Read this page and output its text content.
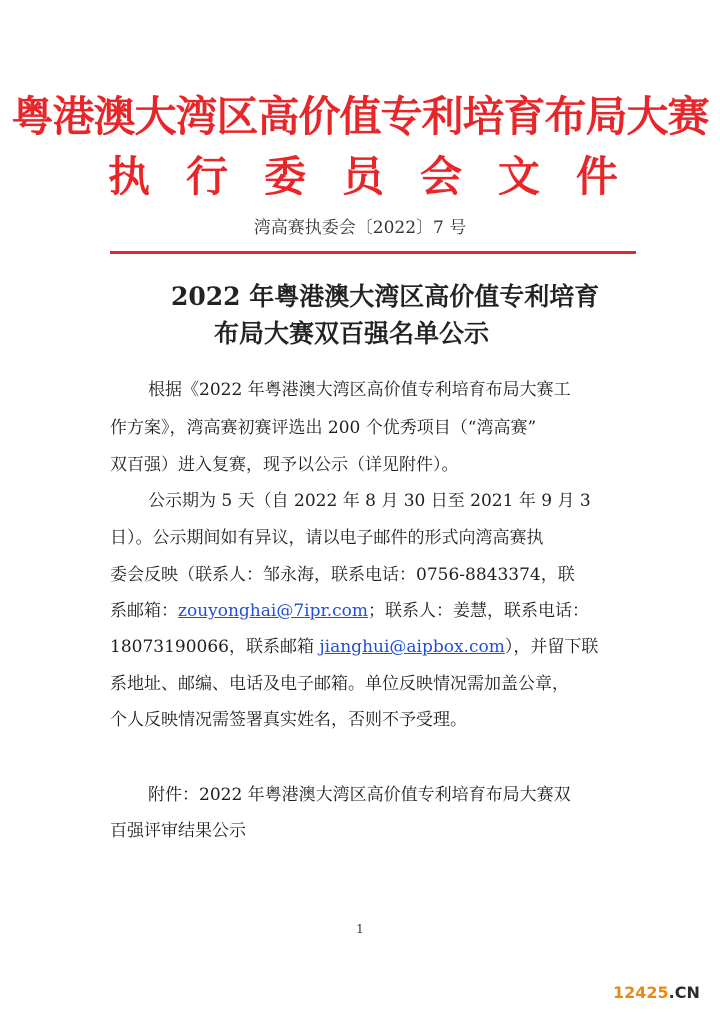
粤港澳大湾区高价值专利培育布局大赛
执 行 委 员 会 文 件
湾高赛执委会〔2022〕7 号
2022 年粤港澳大湾区高价值专利培育
布局大赛双百强名单公示
根据《2022 年粤港澳大湾区高价值专利培育布局大赛工
作方案》，湾高赛初赛评选出 200 个优秀项目（“湾高赛”
双百强）进入复赛，现予以公示（详见附件）。
公示期为 5 天（自 2022 年 8 月 30 日至 2021 年 9 月 3
日）。公示期间如有异议，请以电子邮件的形式向湾高赛执
委会反映（联系人：邹永海，联系电话：0756-8843374，联
系邮箱：zouyonghai@7ipr.com；联系人：姜慧，联系电话：
18073190066，联系邮箱 jianghui@aipbox.com），并留下联
系地址、邮编、电话及电子邮箱。单位反映情况需加盖公章，
个人反映情况需签署真实姓名，否则不予受理。
附件：2022 年粤港澳大湾区高价值专利培育布局大赛双
百强评审结果公示
1
12425.CN
